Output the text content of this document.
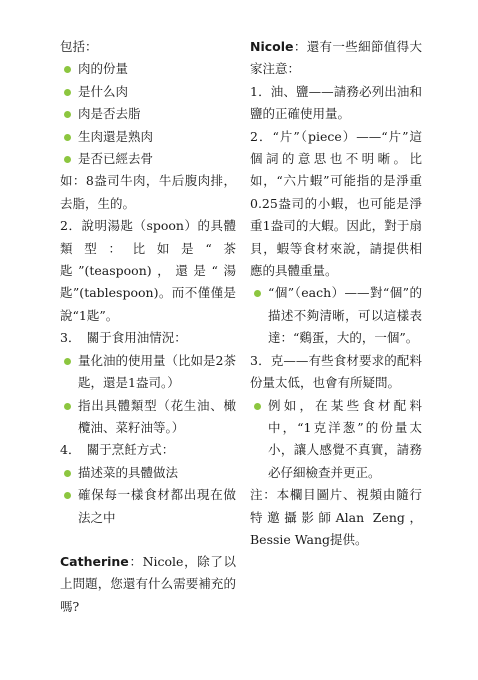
包括：

肉的份量

是什么肉

肉是否去脂

生肉還是熟肉

是否已經去骨

如：8盎司牛肉，牛后腹肉排，去脂，生的。

2．說明湯匙（spoon）的具體類型：比如是“茶匙”(teaspoon)，還是“湯匙”(tablespoon)。而不僅僅是說“1匙”。

3．　關于食用油情況：

量化油的使用量（比如是2茶匙，還是1盎司。）

指出具體類型（花生油、橄欖油、菜籽油等。）

4．　關于烹飪方式：

描述菜的具體做法

確保每一樣食材都出現在做法之中

Catherine：Nicole，除了以上問題，您還有什么需要補充的嗎?

Nicole：還有一些細節值得大家注意：

1．油、鹽——請務必列出油和鹽的正確使用量。

2．“片”（piece）——“片”這個詞的意思也不明晰。比如，“六片蝦”可能指的是淨重0.25盎司的小蝦，也可能是淨重1盎司的大蝦。因此，對于扇貝，蝦等食材來說，請提供相應的具體重量。

“個”（each）——對“個”的描述不夠清晰，可以這樣表達：“鷄蛋，大的，一個”。

3．克——有些食材要求的配料份量太低，也會有所疑問。

例如，在某些食材配料中，“1克洋葱”的份量太小，讓人感覺不真實，請務必仔細檢查并更正。

注：本欄目圖片、視頻由隨行特邀攝影師Alan Zeng，Bessie Wang提供。
